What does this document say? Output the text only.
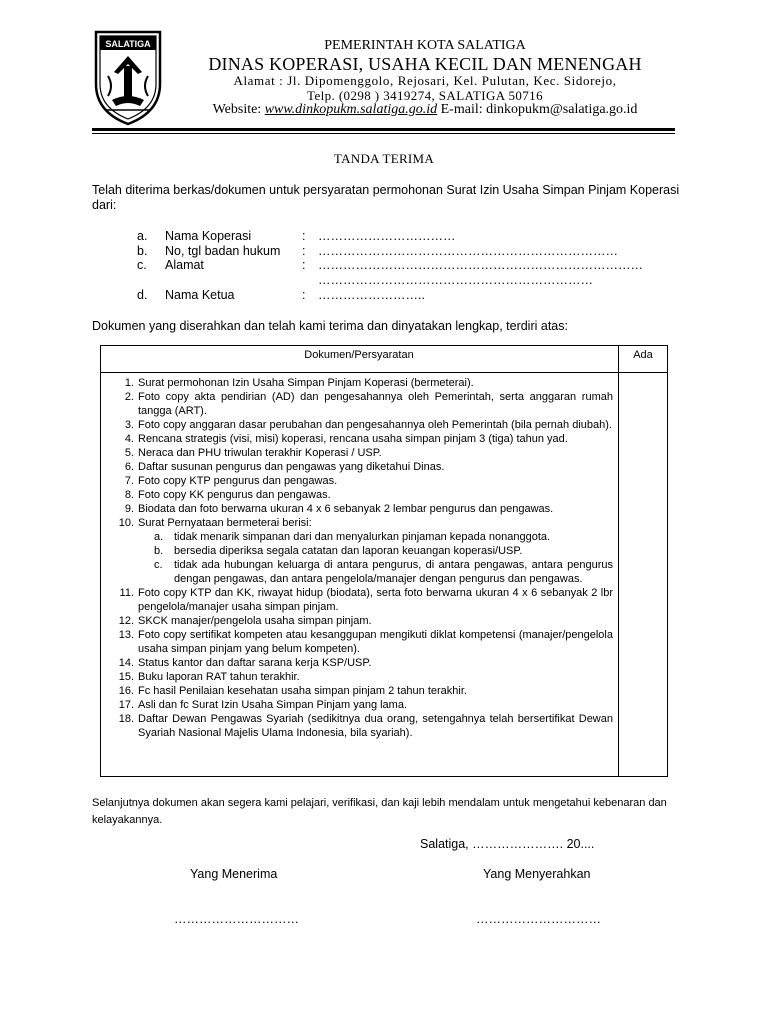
SALATIGA	PEMERINTAH KOTA SALATIGA
DINAS KOPERASI, USAHA KECIL DAN MENENGAH
Alamat : Jl. Dipomenggolo, Rejosari, Kel. Pulutan, Kec. Sidorejo,
Telp. (0298 ) 3419274, SALATIGA 50716
Website: www.dinkopukm.salatiga.go.id E-mail: dinkopukm@salatiga.go.id
TANDA TERIMA
Telah diterima berkas/dokumen untuk persyaratan permohonan Surat Izin Usaha Simpan Pinjam Koperasi dari:
a. Nama Koperasi	: ……………………………
b. No, tgl badan hukum : ………………………………………………………………
c. Alamat	: ……………………………………………………………………
…………………………………………………………
d. Nama Ketua	: ……………………..
Dokumen yang diserahkan dan telah kami terima dan dinyatakan lengkap, terdiri atas:
Dokumen/Persyaratan	Ada
1. Surat permohonan Izin Usaha Simpan Pinjam Koperasi (bermeterai).
2. Foto copy akta pendirian (AD) dan pengesahannya oleh Pemerintah, serta anggaran rumah tangga (ART).
3. Foto copy anggaran dasar perubahan dan pengesahannya oleh Pemerintah (bila pernah diubah).
4. Rencana strategis (visi, misi) koperasi, rencana usaha simpan pinjam 3 (tiga) tahun yad.
5. Neraca dan PHU triwulan terakhir Koperasi / USP.
6. Daftar susunan pengurus dan pengawas yang diketahui Dinas.
7. Foto copy KTP pengurus dan pengawas.
8. Foto copy KK pengurus dan pengawas.
9. Biodata dan foto berwarna ukuran 4 x 6 sebanyak 2 lembar pengurus dan pengawas.
10. Surat Pernyataan bermeterai berisi:
a. tidak menarik simpanan dari dan menyalurkan pinjaman kepada nonanggota.
b. bersedia diperiksa segala catatan dan laporan keuangan koperasi/USP.
c. tidak ada hubungan keluarga di antara pengurus, di antara pengawas, antara pengurus dengan pengawas, dan antara pengelola/manajer dengan pengurus dan pengawas.
11. Foto copy KTP dan KK, riwayat hidup (biodata), serta foto berwarna ukuran 4 x 6 sebanyak 2 lbr pengelola/manajer usaha simpan pinjam.
12. SKCK manajer/pengelola usaha simpan pinjam.
13. Foto copy sertifikat kompeten atau kesanggupan mengikuti diklat kompetensi (manajer/pengelola usaha simpan pinjam yang belum kompeten).
14. Status kantor dan daftar sarana kerja KSP/USP.
15. Buku laporan RAT tahun terakhir.
16. Fc hasil Penilaian kesehatan usaha simpan pinjam 2 tahun terakhir.
17. Asli dan fc Surat Izin Usaha Simpan Pinjam yang lama.
18. Daftar Dewan Pengawas Syariah (sedikitnya dua orang, setengahnya telah bersertifikat Dewan Syariah Nasional Majelis Ulama Indonesia, bila syariah).
Selanjutnya dokumen akan segera kami pelajari, verifikasi, dan kaji lebih mendalam untuk mengetahui kebenaran dan kelayakannya.
Salatiga, …………………. 20....
Yang Menerima	Yang Menyerahkan
…………………………	…………………………
